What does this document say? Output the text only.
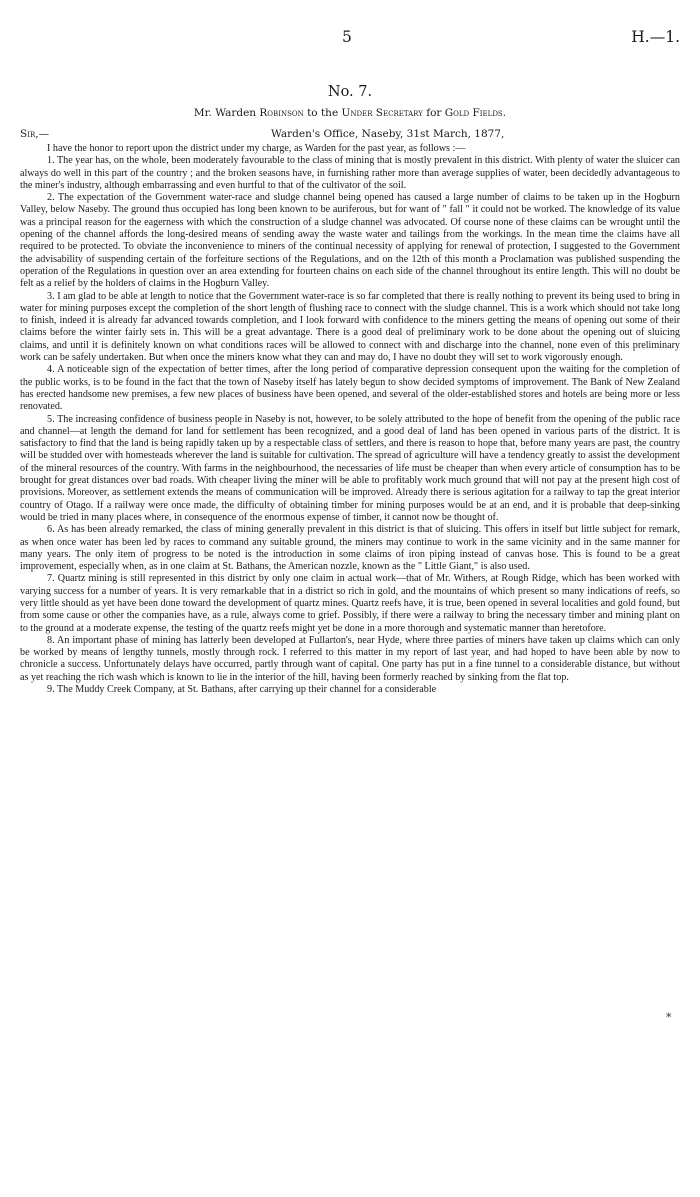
5	H.—1.
No. 7.
Mr. Warden Robinson to the Under Secretary for Gold Fields.
Sir,—	Warden's Office, Naseby, 31st March, 1877,

I have the honor to report upon the district under my charge, as Warden for the past year, as follows :—

1. The year has, on the whole, been moderately favourable to the class of mining that is mostly prevalent in this district. With plenty of water the sluicer can always do well in this part of the country ; and the broken seasons have, in furnishing rather more than average supplies of water, been decidedly advantageous to the miner's industry, although embarrassing and even hurtful to that of the cultivator of the soil.

2. The expectation of the Government water-race and sludge channel being opened has caused a large number of claims to be taken up in the Hogburn Valley, below Naseby. The ground thus occupied has long been known to be auriferous, but for want of " fall " it could not be worked. The knowledge of its value was a principal reason for the eagerness with which the construction of a sludge channel was advocated. Of course none of these claims can be wrought until the opening of the channel affords the long-desired means of sending away the waste water and tailings from the workings. In the mean time the claims have all required to be protected. To obviate the inconvenience to miners of the continual necessity of applying for renewal of protection, I suggested to the Government the advisability of suspending certain of the forfeiture sections of the Regulations, and on the 12th of this month a Proclamation was published suspending the operation of the Regulations in question over an area extending for fourteen chains on each side of the channel throughout its entire length. This will no doubt be felt as a relief by the holders of claims in the Hogburn Valley.

3. I am glad to be able at length to notice that the Government water-race is so far completed that there is really nothing to prevent its being used to bring in water for mining purposes except the completion of the short length of flushing race to connect with the sludge channel. This is a work which should not take long to finish, indeed it is already far advanced towards completion, and I look forward with confidence to the miners getting the means of opening out some of their claims before the winter fairly sets in. This will be a great advantage. There is a good deal of preliminary work to be done about the opening out of sluicing claims, and until it is definitely known on what conditions races will be allowed to connect with and discharge into the channel, none even of this preliminary work can be safely undertaken. But when once the miners know what they can and may do, I have no doubt they will set to work vigorously enough.

4. A noticeable sign of the expectation of better times, after the long period of comparative depression consequent upon the waiting for the completion of the public works, is to be found in the fact that the town of Naseby itself has lately begun to show decided symptoms of improvement. The Bank of New Zealand has erected handsome new premises, a few new places of business have been opened, and several of the older-established stores and hotels are being more or less renovated.

5. The increasing confidence of business people in Naseby is not, however, to be solely attributed to the hope of benefit from the opening of the public race and channel—at length the demand for land for settlement has been recognized, and a good deal of land has been opened in various parts of the district. It is satisfactory to find that the land is being rapidly taken up by a respectable class of settlers, and there is reason to hope that, before many years are past, the country will be studded over with homesteads wherever the land is suitable for cultivation. The spread of agriculture will have a tendency greatly to assist the development of the mineral resources of the country. With farms in the neighbourhood, the necessaries of life must be cheaper than when every article of consumption has to be brought for great distances over bad roads. With cheaper living the miner will be able to profitably work much ground that will not pay at the present high cost of provisions. Moreover, as settlement extends the means of communication will be improved. Already there is serious agitation for a railway to tap the great interior country of Otago. If a railway were once made, the difficulty of obtaining timber for mining purposes would be at an end, and it is probable that deep-sinking would be tried in many places where, in consequence of the enormous expense of timber, it cannot now be thought of.

6. As has been already remarked, the class of mining generally prevalent in this district is that of sluicing. This offers in itself but little subject for remark, as when once water has been led by races to command any suitable ground, the miners may continue to work in the same vicinity and in the same manner for many years. The only item of progress to be noted is the introduction in some claims of iron piping instead of canvas hose. This is found to be a great improvement, especially when, as in one claim at St. Bathans, the American nozzle, known as the " Little Giant," is also used.

7. Quartz mining is still represented in this district by only one claim in actual work—that of Mr. Withers, at Rough Ridge, which has been worked with varying success for a number of years. It is very remarkable that in a district so rich in gold, and the mountains of which present so many indications of reefs, so very little should as yet have been done toward the development of quartz mines. Quartz reefs have, it is true, been opened in several localities and gold found, but from some cause or other the companies have, as a rule, always come to grief. Possibly, if there were a railway to bring the necessary timber and mining plant on to the ground at a moderate expense, the testing of the quartz reefs might yet be done in a more thorough and systematic manner than heretofore.

8. An important phase of mining has latterly been developed at Fullarton's, near Hyde, where three parties of miners have taken up claims which can only be worked by means of lengthy tunnels, mostly through rock. I referred to this matter in my report of last year, and had hoped to have been able by now to chronicle a success. Unfortunately delays have occurred, partly through want of capital. One party has put in a fine tunnel to a considerable distance, but without as yet reaching the rich wash which is known to lie in the interior of the hill, having been formerly reached by sinking from the flat top.

9. The Muddy Creek Company, at St. Bathans, after carrying up their channel for a considerable

*
